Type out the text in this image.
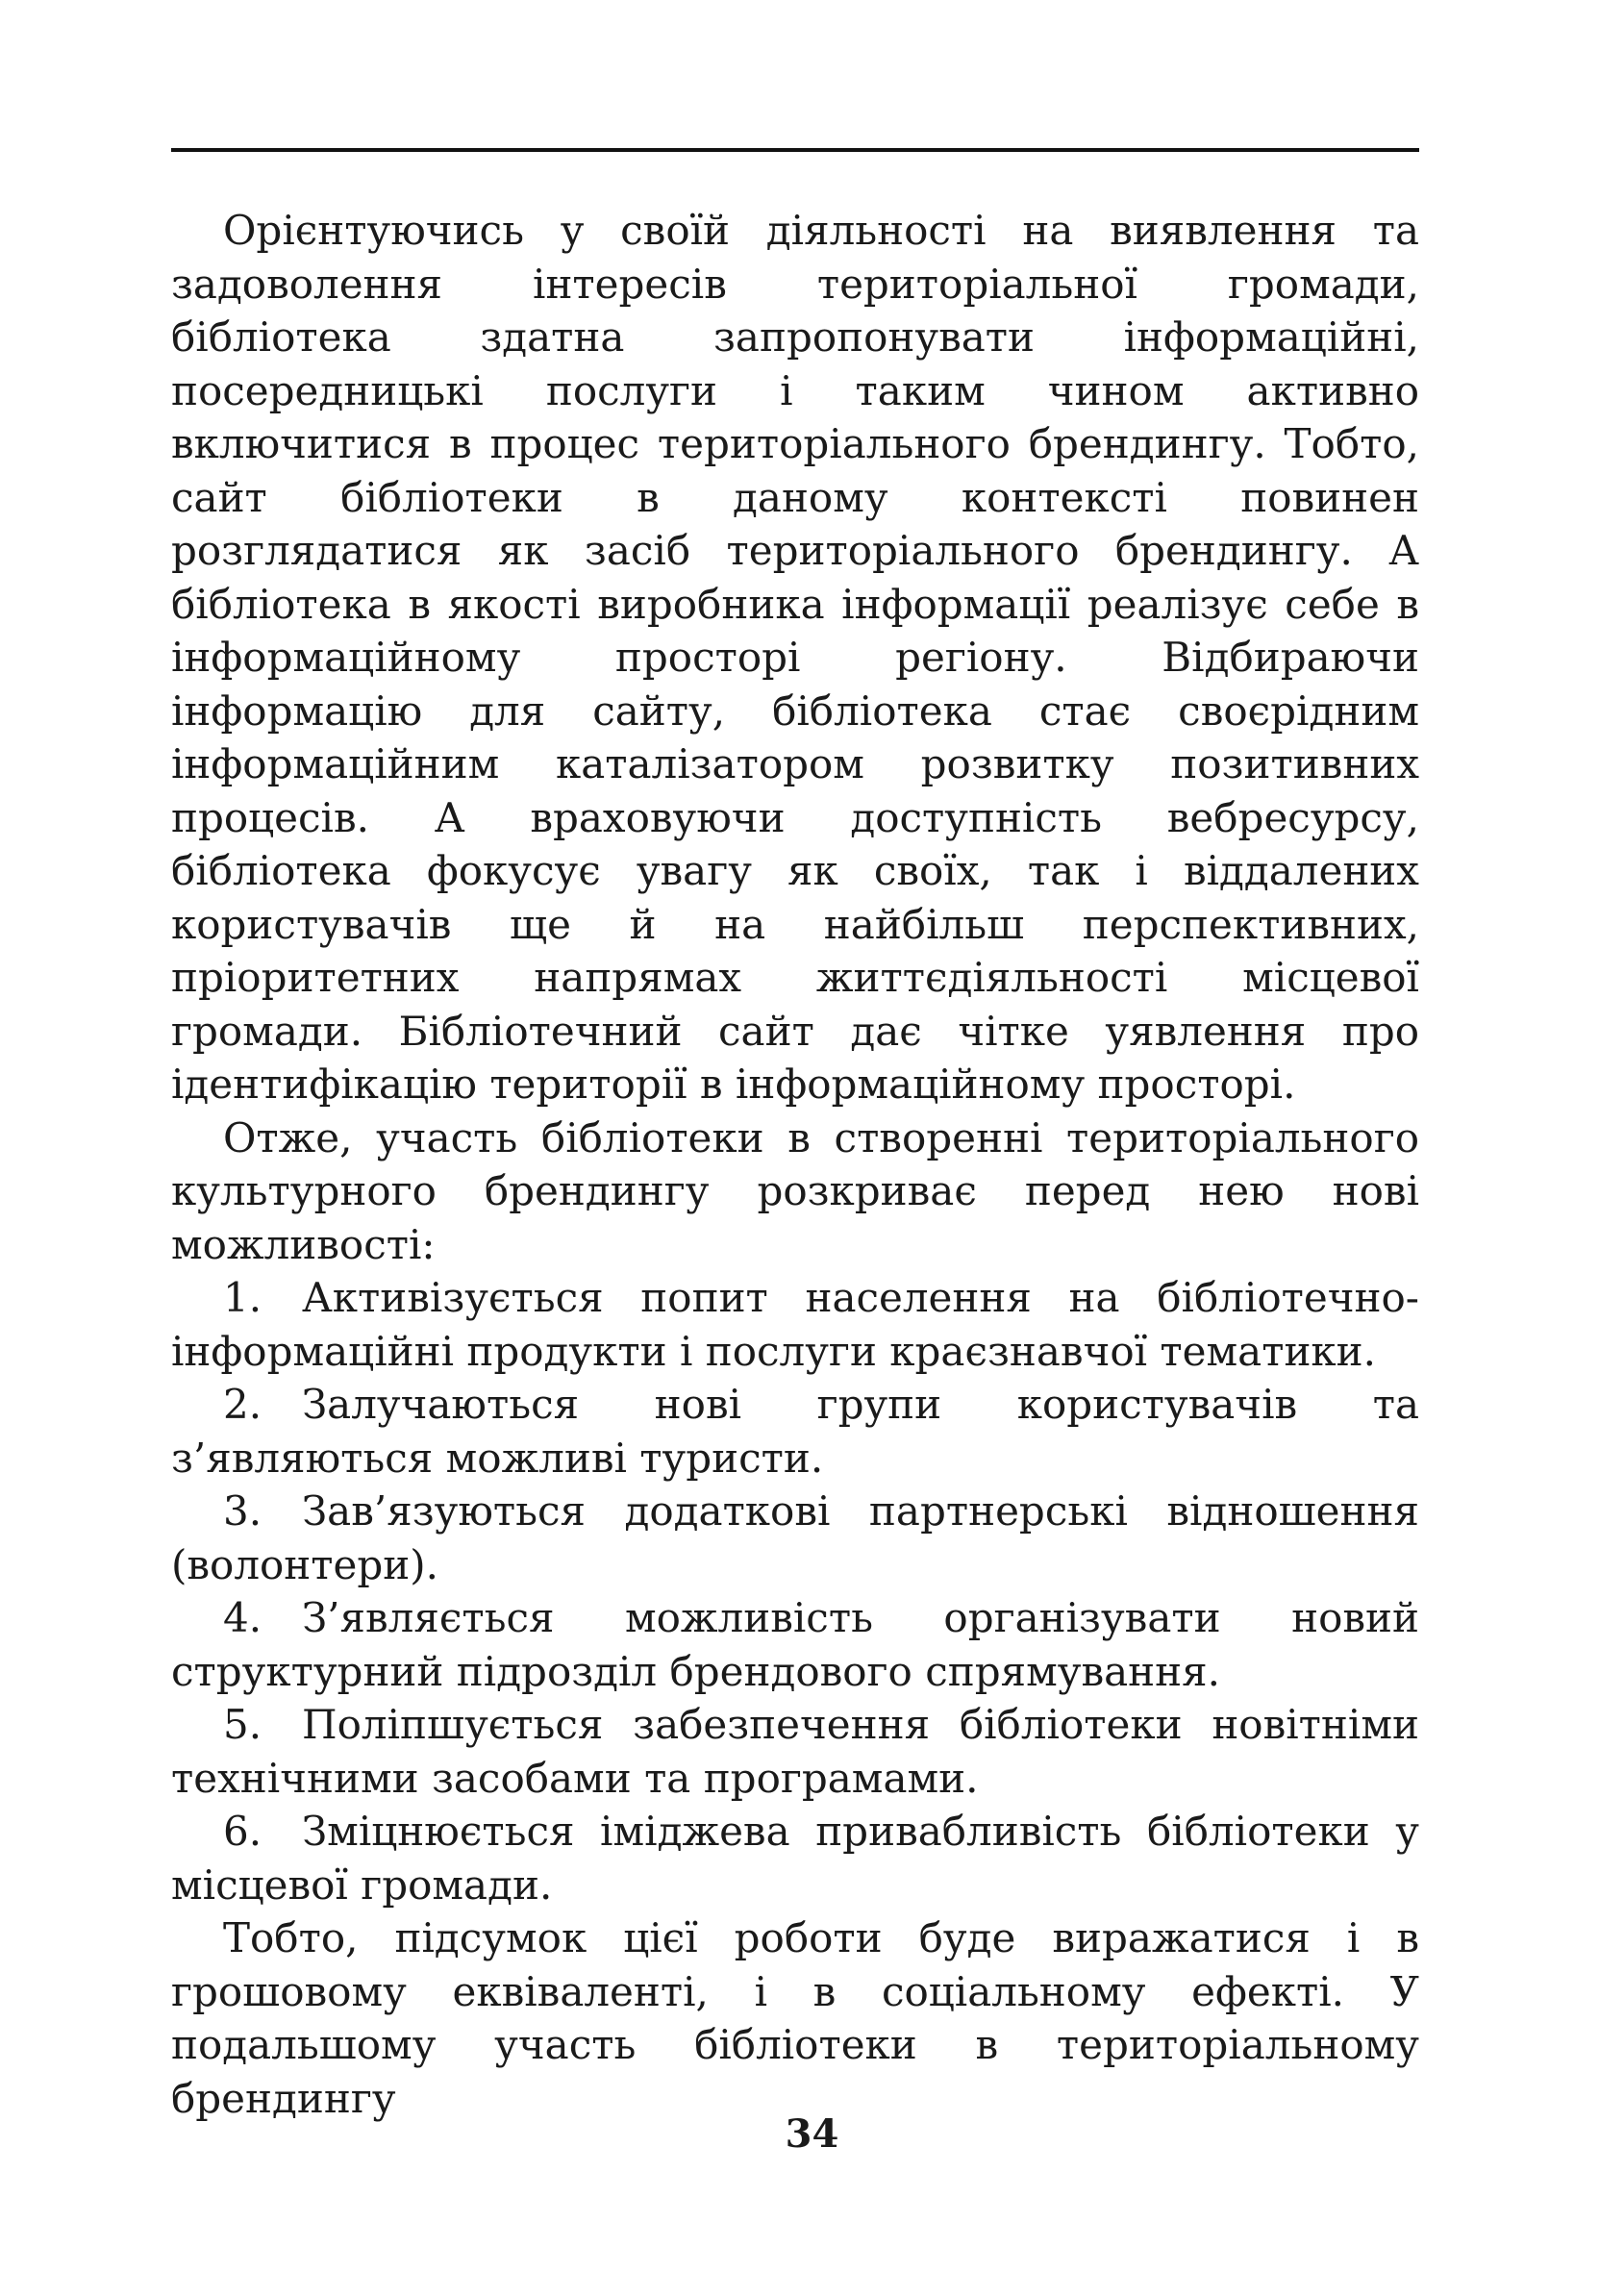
Орієнтуючись у своїй діяльності на виявлення та задоволення інтересів територіальної громади, бібліотека здатна запропонувати інформаційні, посередницькі послуги і таким чином активно включитися в процес територіального брендингу. Тобто, сайт бібліотеки в даному контексті повинен розглядатися як засіб територіального брендингу. А бібліотека в якості виробника інформації реалізує себе в інформаційному просторі регіону. Відбираючи інформацію для сайту, бібліотека стає своєрідним інформаційним каталізатором розвитку позитивних процесів. А враховуючи доступність вебресурсу, бібліотека фокусує увагу як своїх, так і віддалених користувачів ще й на найбільш перспективних, пріоритетних напрямах життєдіяльності місцевої громади. Бібліотечний сайт дає чітке уявлення про ідентифікацію території в інформаційному просторі.

Отже, участь бібліотеки в створенні територіального культурного брендингу розкриває перед нею нові можливості:

1. Активізується попит населення на бібліотечно-інформаційні продукти і послуги краєзнавчої тематики.

2. Залучаються нові групи користувачів та з’являються можливі туристи.

3. Зав’язуються додаткові партнерські відношення (волонтери).

4. З’являється можливість організувати новий структурний підрозділ брендового спрямування.

5. Поліпшується забезпечення бібліотеки новітніми технічними засобами та програмами.

6. Зміцнюється іміджева привабливість бібліотеки у місцевої громади.

Тобто, підсумок цієї роботи буде виражатися і в грошовому еквіваленті, і в соціальному ефекті. У подальшому участь бібліотеки в територіальному брендингу

34
